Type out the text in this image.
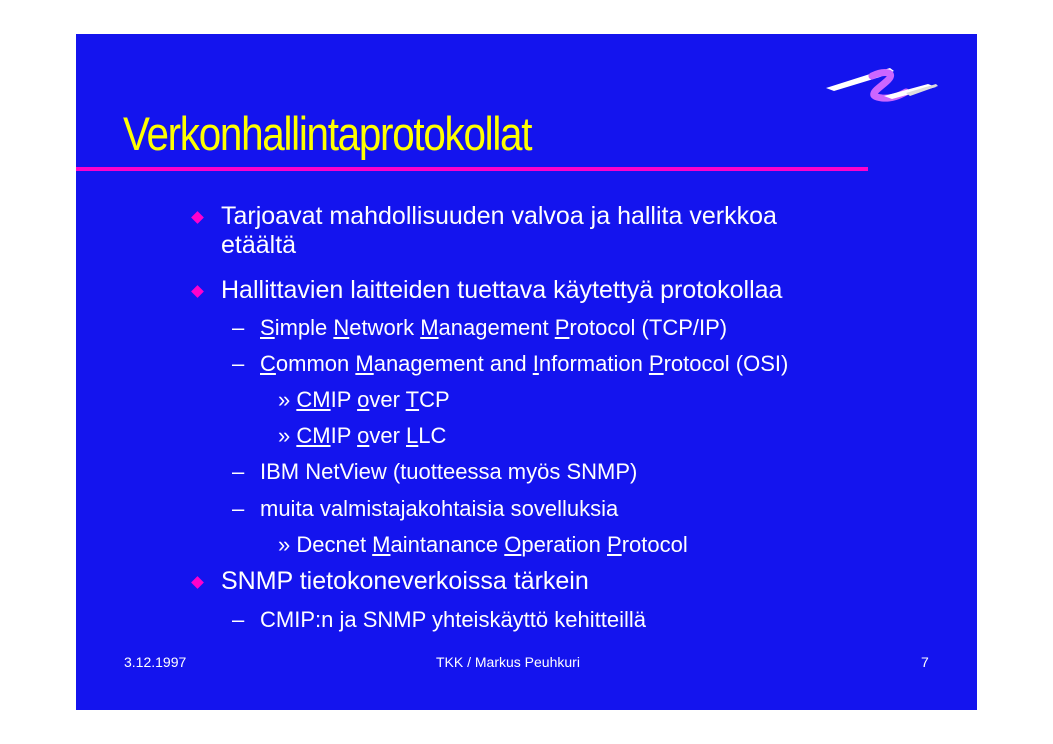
Verkonhallintaprotokollat
Tarjoavat mahdollisuuden valvoa ja hallita verkkoa
etäältä
Hallittavien laitteiden tuettava käytettyä protokollaa
– Simple Network Management Protocol (TCP/IP)
– Common Management and Information Protocol (OSI)
» CMIP over TCP
» CMIP over LLC
– IBM NetView (tuotteessa myös SNMP)
– muita valmistajakohtaisia sovelluksia
» Decnet Maintanance Operation Protocol
SNMP tietokoneverkoissa tärkein
– CMIP:n ja SNMP yhteiskäyttö kehitteillä
3.12.1997	TKK / Markus Peuhkuri	7
